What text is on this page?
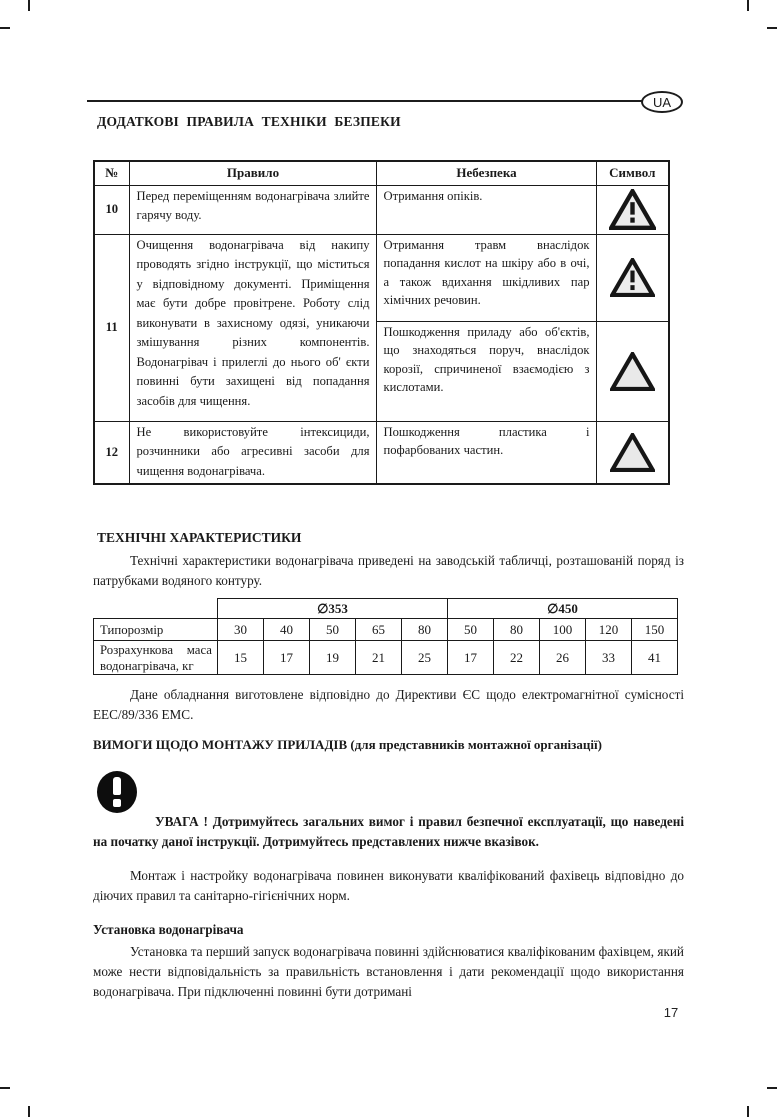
UA
ДОДАТКОВІ ПРАВИЛА ТЕХНІКИ БЕЗПЕКИ
№	Правило	Небезпека	Символ
10	Перед переміщенням водонагрівача злийте гарячу воду.	Отримання опіків.	

11	Очищення водонагрівача від накипу проводять згідно інструкції, що міститься у відповідному документі. Приміщення має бути добре провітрене. Роботу слід виконувати в захисному одязі, уникаючи змішування різних компонентів. Водонагрівач і прилеглі до нього об' єкти повинні бути захищені від попадання засобів для чищення.	Отримання травм внаслідок попадання кислот на шкіру або в очі, а також вдихання шкідливих пар хімічних речовин.	

		Пошкодження приладу або об'єктів, що знаходяться поруч, внаслідок корозії, спричиненої взаємодією з кислотами.	

12	Не використовуйте інтексициди, розчинники або агресивні засоби для чищення водонагрівача.	Пошкодження пластика і пофарбованих частин.	
ТЕХНІЧНІ ХАРАКТЕРИСТИКИ
Технічні характеристики водонагрівача приведені на заводській табличці, розташованій поряд із патрубками водяного контуру.
	∅353					∅450				
Типорозмір	30	40	50	65	80	50	80	100	120	150
Розрахункова маса водонагрівача, кг	15	17	19	21	25	17	22	26	33	41
Дане обладнання виготовлене відповідно до Директиви ЄС щодо електромагнітної сумісності EEC/89/336 EMC.
ВИМОГИ ЩОДО МОНТАЖУ ПРИЛАДІВ (для представників монтажної організації)
УВАГА ! Дотримуйтесь загальних вимог і правил безпечної експлуатації, що наведені на початку даної інструкції. Дотримуйтесь представлених нижче вказівок.
Монтаж і настройку водонагрівача повинен виконувати кваліфікований фахівець відповідно до діючих правил та санітарно-гігієнічних норм.
Установка водонагрівача
Установка та перший запуск водонагрівача повинні здійснюватися кваліфікованим фахівцем, який може нести відповідальність за правильність встановлення і дати рекомендації щодо використання водонагрівача. При підключенні повинні бути дотримані
17
